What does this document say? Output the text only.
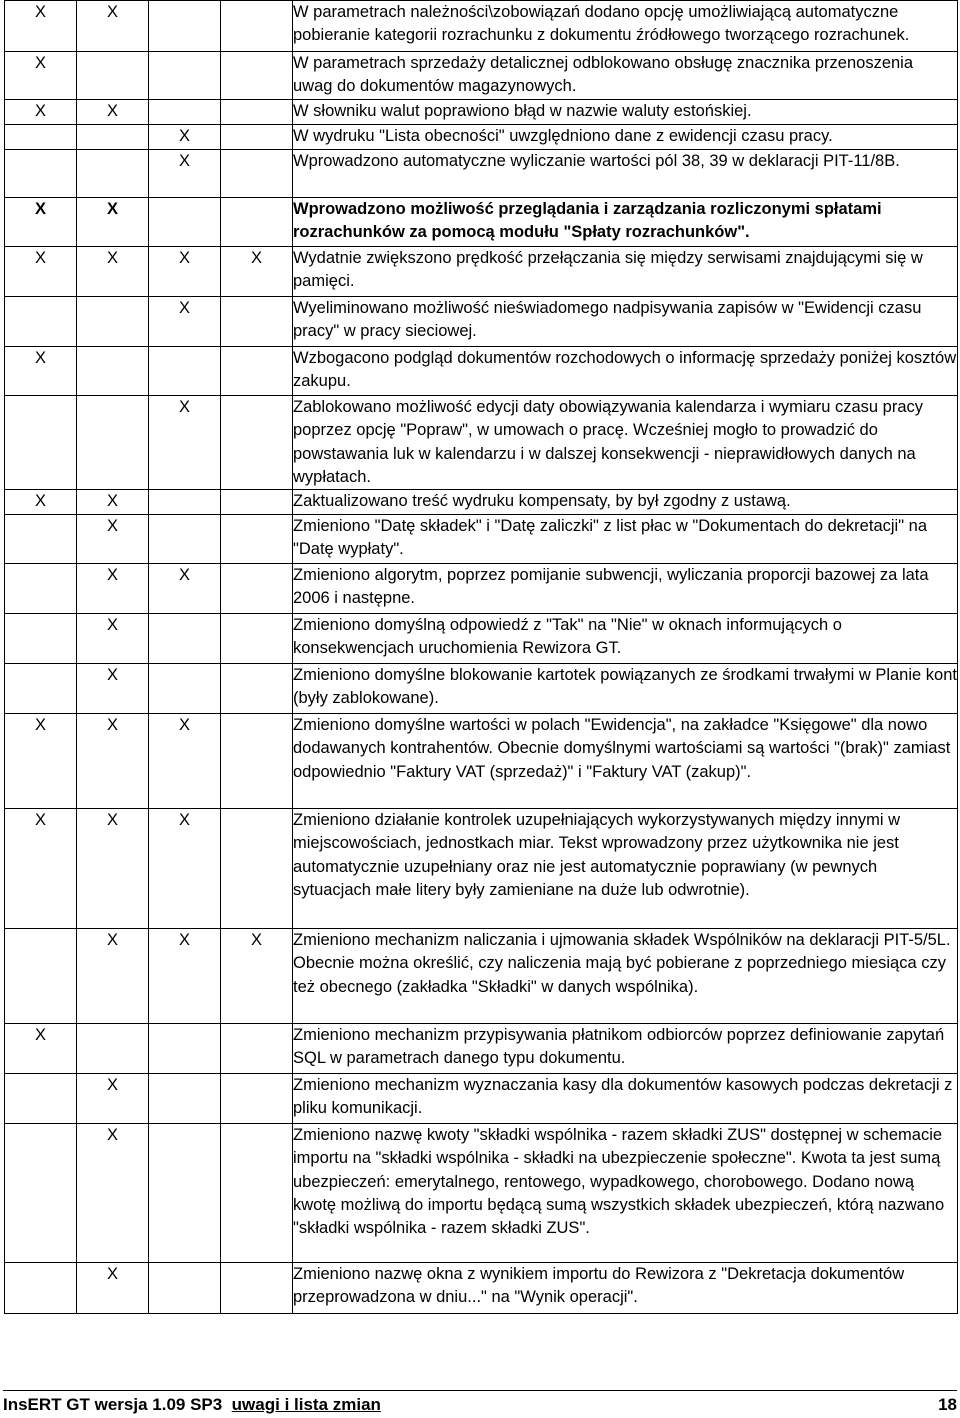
X	X			W parametrach należności\zobowiązań dodano opcję umożliwiającą automatyczne pobieranie kategorii rozrachunku z dokumentu źródłowego tworzącego rozrachunek.
X				W parametrach sprzedaży detalicznej odblokowano obsługę znacznika przenoszenia uwag do dokumentów magazynowych.
X	X			W słowniku walut poprawiono błąd w nazwie waluty estońskiej.
		X		W wydruku "Lista obecności" uwzględniono dane z ewidencji czasu pracy.
		X		Wprowadzono automatyczne wyliczanie wartości pól 38, 39 w deklaracji PIT-11/8B.
X	X			Wprowadzono możliwość przeglądania i zarządzania rozliczonymi spłatami rozrachunków za pomocą modułu "Spłaty rozrachunków".
X	X	X	X	Wydatnie zwiększono prędkość przełączania się między serwisami znajdującymi się w pamięci.
		X		Wyeliminowano możliwość nieświadomego nadpisywania zapisów w "Ewidencji czasu pracy" w pracy sieciowej.
X				Wzbogacono podgląd dokumentów rozchodowych o informację sprzedaży poniżej kosztów zakupu.
		X		Zablokowano możliwość edycji daty obowiązywania kalendarza i wymiaru czasu pracy poprzez opcję "Popraw", w umowach o pracę. Wcześniej mogło to prowadzić do powstawania luk w kalendarzu i w dalszej konsekwencji - nieprawidłowych danych na wypłatach.
X	X			Zaktualizowano treść wydruku kompensaty, by był zgodny z ustawą.
	X			Zmieniono "Datę składek" i "Datę zaliczki" z list płac w "Dokumentach do dekretacji" na "Datę wypłaty".
	X	X		Zmieniono algorytm, poprzez pomijanie subwencji, wyliczania proporcji bazowej za lata 2006 i następne.
	X			Zmieniono domyślną odpowiedź z "Tak" na "Nie" w oknach informujących o konsekwencjach uruchomienia Rewizora GT.
	X			Zmieniono domyślne blokowanie kartotek powiązanych ze środkami trwałymi w Planie kont (były zablokowane).
X	X	X		Zmieniono domyślne wartości w polach "Ewidencja", na zakładce "Księgowe" dla nowo dodawanych kontrahentów. Obecnie domyślnymi wartościami są wartości "(brak)" zamiast odpowiednio "Faktury VAT (sprzedaż)" i "Faktury VAT (zakup)".
X	X	X		Zmieniono działanie kontrolek uzupełniających wykorzystywanych między innymi w miejscowościach, jednostkach miar. Tekst wprowadzony przez użytkownika nie jest automatycznie uzupełniany oraz nie jest automatycznie poprawiany (w pewnych sytuacjach małe litery były zamieniane na duże lub odwrotnie).
	X	X	X	Zmieniono mechanizm naliczania i ujmowania składek Wspólników na deklaracji PIT-5/5L. Obecnie można określić, czy naliczenia mają być pobierane z poprzedniego miesiąca czy też obecnego (zakładka "Składki" w danych wspólnika).
X				Zmieniono mechanizm przypisywania płatnikom odbiorców poprzez definiowanie zapytań SQL w parametrach danego typu dokumentu.
	X			Zmieniono mechanizm wyznaczania kasy dla dokumentów kasowych podczas dekretacji z pliku komunikacji.
	X			Zmieniono nazwę kwoty "składki wspólnika - razem składki ZUS" dostępnej w schemacie importu na "składki wspólnika - składki na ubezpieczenie społeczne". Kwota ta jest sumą ubezpieczeń: emerytalnego, rentowego, wypadkowego, chorobowego. Dodano nową kwotę możliwą do importu będącą sumą wszystkich składek ubezpieczeń, którą nazwano "składki wspólnika - razem składki ZUS".
	X			Zmieniono nazwę okna z wynikiem importu do Rewizora z "Dekretacja dokumentów przeprowadzona w dniu..." na "Wynik operacji".
InsERT GT wersja 1.09 SP3 uwagi i lista zmian	18
